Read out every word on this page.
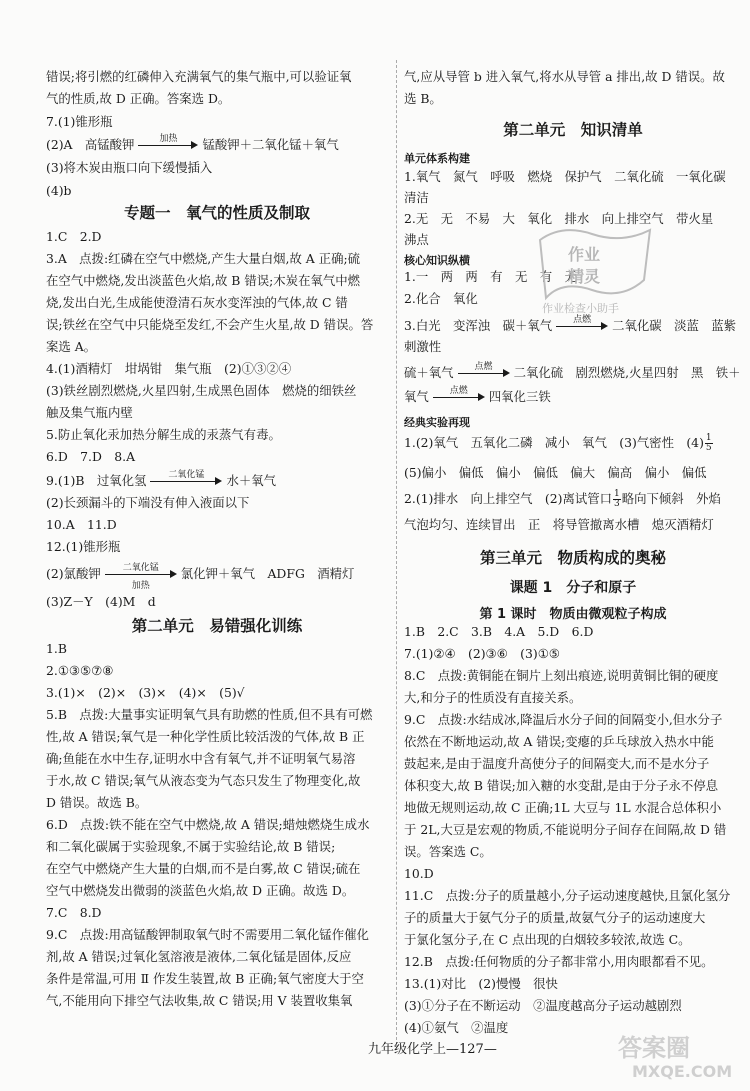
错误;将引燃的红磷伸入充满氧气的集气瓶中,可以验证氧
气的性质,故 D 正确。答案选 D。
7.(1)锥形瓶
(2)A　高锰酸钾	加热	锰酸钾＋二氧化锰＋氧气
(3)将木炭由瓶口向下缓慢插入
(4)b
专题一　氧气的性质及制取
1.C　2.D
3.A　点拨:红磷在空气中燃烧,产生大量白烟,故 A 正确;硫
在空气中燃烧,发出淡蓝色火焰,故 B 错误;木炭在氧气中燃
烧,发出白光,生成能使澄清石灰水变浑浊的气体,故 C 错
误;铁丝在空气中只能烧至发红,不会产生火星,故 D 错误。答
案选 A。
4.(1)酒精灯　坩埚钳　集气瓶　(2)①③②④
(3)铁丝剧烈燃烧,火星四射,生成黑色固体　燃烧的细铁丝
触及集气瓶内壁
5.防止氧化汞加热分解生成的汞蒸气有毒。
6.D　7.D　8.A
9.(1)B　过氧化氢	二氧化锰	水＋氧气
(2)长颈漏斗的下端没有伸入液面以下
10.A　11.D
12.(1)锥形瓶
(2)氯酸钾	二氧化锰
加热
氯化钾＋氧气　ADFG　酒精灯
(3)Z－Y　(4)M　d
第二单元　易错强化训练
1.B
2.①③⑤⑦⑧
3.(1)×　(2)×　(3)×　(4)×　(5)√
5.B　点拨:大量事实证明氧气具有助燃的性质,但不具有可燃
性,故 A 错误;氧气是一种化学性质比较活泼的气体,故 B 正
确;鱼能在水中生存,证明水中含有氧气,并不证明氧气易溶
于水,故 C 错误;氧气从液态变为气态只发生了物理变化,故
D 错误。故选 B。
6.D　点拨:铁不能在空气中燃烧,故 A 错误;蜡烛燃烧生成水
和二氧化碳属于实验现象,不属于实验结论,故 B 错误;
在空气中燃烧产生大量的白烟,而不是白雾,故 C 错误;硫在
空气中燃烧发出微弱的淡蓝色火焰,故 D 正确。故选 D。
7.C　8.D
9.C　点拨:用高锰酸钾制取氧气时不需要用二氧化锰作催化
剂,故 A 错误;过氧化氢溶液是液体,二氧化锰是固体,反应
条件是常温,可用 Ⅱ 作发生装置,故 B 正确;氧气密度大于空
气,不能用向下排空气法收集,故 C 错误;用 Ⅴ 装置收集氧
气,应从导管 b 进入氧气,将水从导管 a 排出,故 D 错误。故
选 B。
第二单元　知识清单
单元体系构建
1.氧气　氮气　呼吸　燃烧　保护气　二氧化硫　一氧化碳
清洁
2.无　无　不易　大　氧化　排水　向上排空气　带火星
沸点
核心知识纵横
1.一　两　两　有　无　有　无
2.化合　氧化
3.白光　变浑浊　碳＋氧气	点燃	二氧化碳　淡蓝　蓝紫
刺激性
硫＋氧气	点燃	二氧化硫　剧烈燃烧,火星四射　黑　铁＋
氧气	点燃	四氧化三铁
经典实验再现
1.(2)氧气　五氧化二磷　减小　氧气　(3)气密性　$(4) \frac{1}{5}$
(5)偏小　偏低　偏小　偏低　偏大　偏高　偏小　偏低
2.(1)排水　向上排空气　(2)离试管口 $\frac{1}{3}$ 略向下倾斜　外焰
气泡均匀、连续冒出　正　将导管撤离水槽　熄灭酒精灯
第三单元　物质构成的奥秘
课题 1　分子和原子
第 1 课时　物质由微观粒子构成
1.B　2.C　3.B　4.A　5.D　6.D
7.(1)②④　(2)③⑥　(3)①⑤
8.C　点拨:黄铜能在铜片上刻出痕迹,说明黄铜比铜的硬度
大,和分子的性质没有直接关系。
9.C　点拨:水结成冰,降温后水分子间的间隔变小,但水分子
依然在不断地运动,故 A 错误;变瘪的乒乓球放入热水中能
鼓起来,是由于温度升高使分子的间隔变大,而不是水分子
体积变大,故 B 错误;加入糖的水变甜,是由于分子永不停息
地做无规则运动,故 C 正确;1L 大豆与 1L 水混合总体积小
于 2L,大豆是宏观的物质,不能说明分子间存在间隔,故 D 错
误。答案选 C。
10.D
11.C　点拨:分子的质量越小,分子运动速度越快,且氯化氢分
子的质量大于氨气分子的质量,故氨气分子的运动速度大
于氯化氢分子,在 C 点出现的白烟较多较浓,故选 C。
12.B　点拨:任何物质的分子都非常小,用肉眼都看不见。
13.(1)对比　(2)慢慢　很快
(3)①分子在不断运动　②温度越高分子运动越剧烈
(4)①氨气　②温度
作业
精灵
作业检查小助手
答案圈
MXQE.COM
九年级化学上—127—
